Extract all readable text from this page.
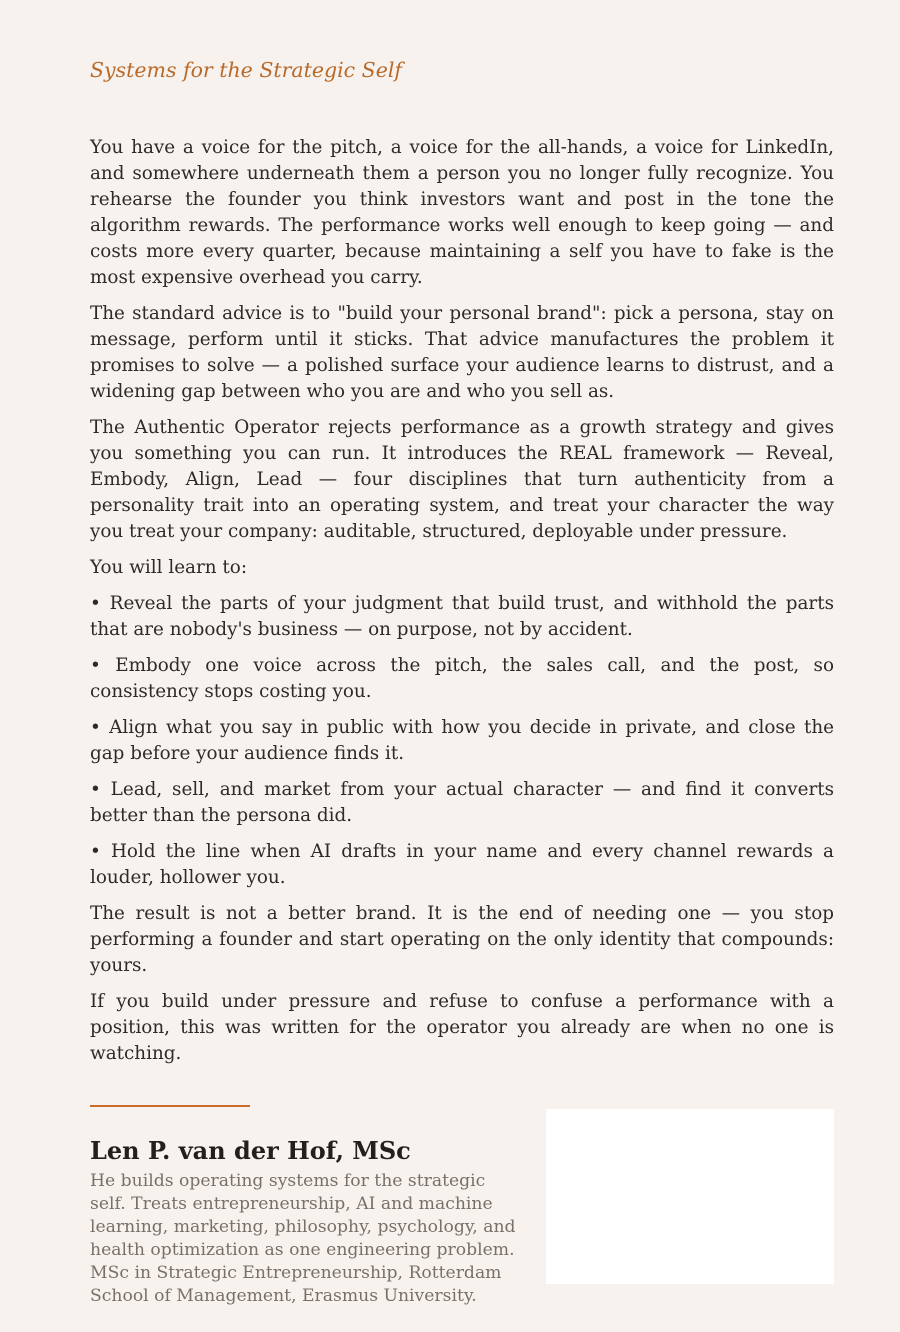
Systems for the Strategic Self

You have a voice for the pitch, a voice for the all-hands, a voice for LinkedIn, and somewhere underneath them a person you no longer fully recognize. You rehearse the founder you think investors want and post in the tone the algorithm rewards. The performance works well enough to keep going — and costs more every quarter, because maintaining a self you have to fake is the most expensive overhead you carry.

The standard advice is to "build your personal brand": pick a persona, stay on message, perform until it sticks. That advice manufactures the problem it promises to solve — a polished surface your audience learns to distrust, and a widening gap between who you are and who you sell as.

The Authentic Operator rejects performance as a growth strategy and gives you something you can run. It introduces the REAL framework — Reveal, Embody, Align, Lead — four disciplines that turn authenticity from a personality trait into an operating system, and treat your character the way you treat your company: auditable, structured, deployable under pressure.

You will learn to:

• Reveal the parts of your judgment that build trust, and withhold the parts that are nobody's business — on purpose, not by accident.

• Embody one voice across the pitch, the sales call, and the post, so consistency stops costing you.

• Align what you say in public with how you decide in private, and close the gap before your audience finds it.

• Lead, sell, and market from your actual character — and find it converts better than the persona did.

• Hold the line when AI drafts in your name and every channel rewards a louder, hollower you.

The result is not a better brand. It is the end of needing one — you stop performing a founder and start operating on the only identity that compounds: yours.

If you build under pressure and refuse to confuse a performance with a position, this was written for the operator you already are when no one is watching.

Len P. van der Hof, MSc
He builds operating systems for the strategic self. Treats entrepreneurship, AI and machine learning, marketing, philosophy, psychology, and health optimization as one engineering problem. MSc in Strategic Entrepreneurship, Rotterdam School of Management, Erasmus University.
